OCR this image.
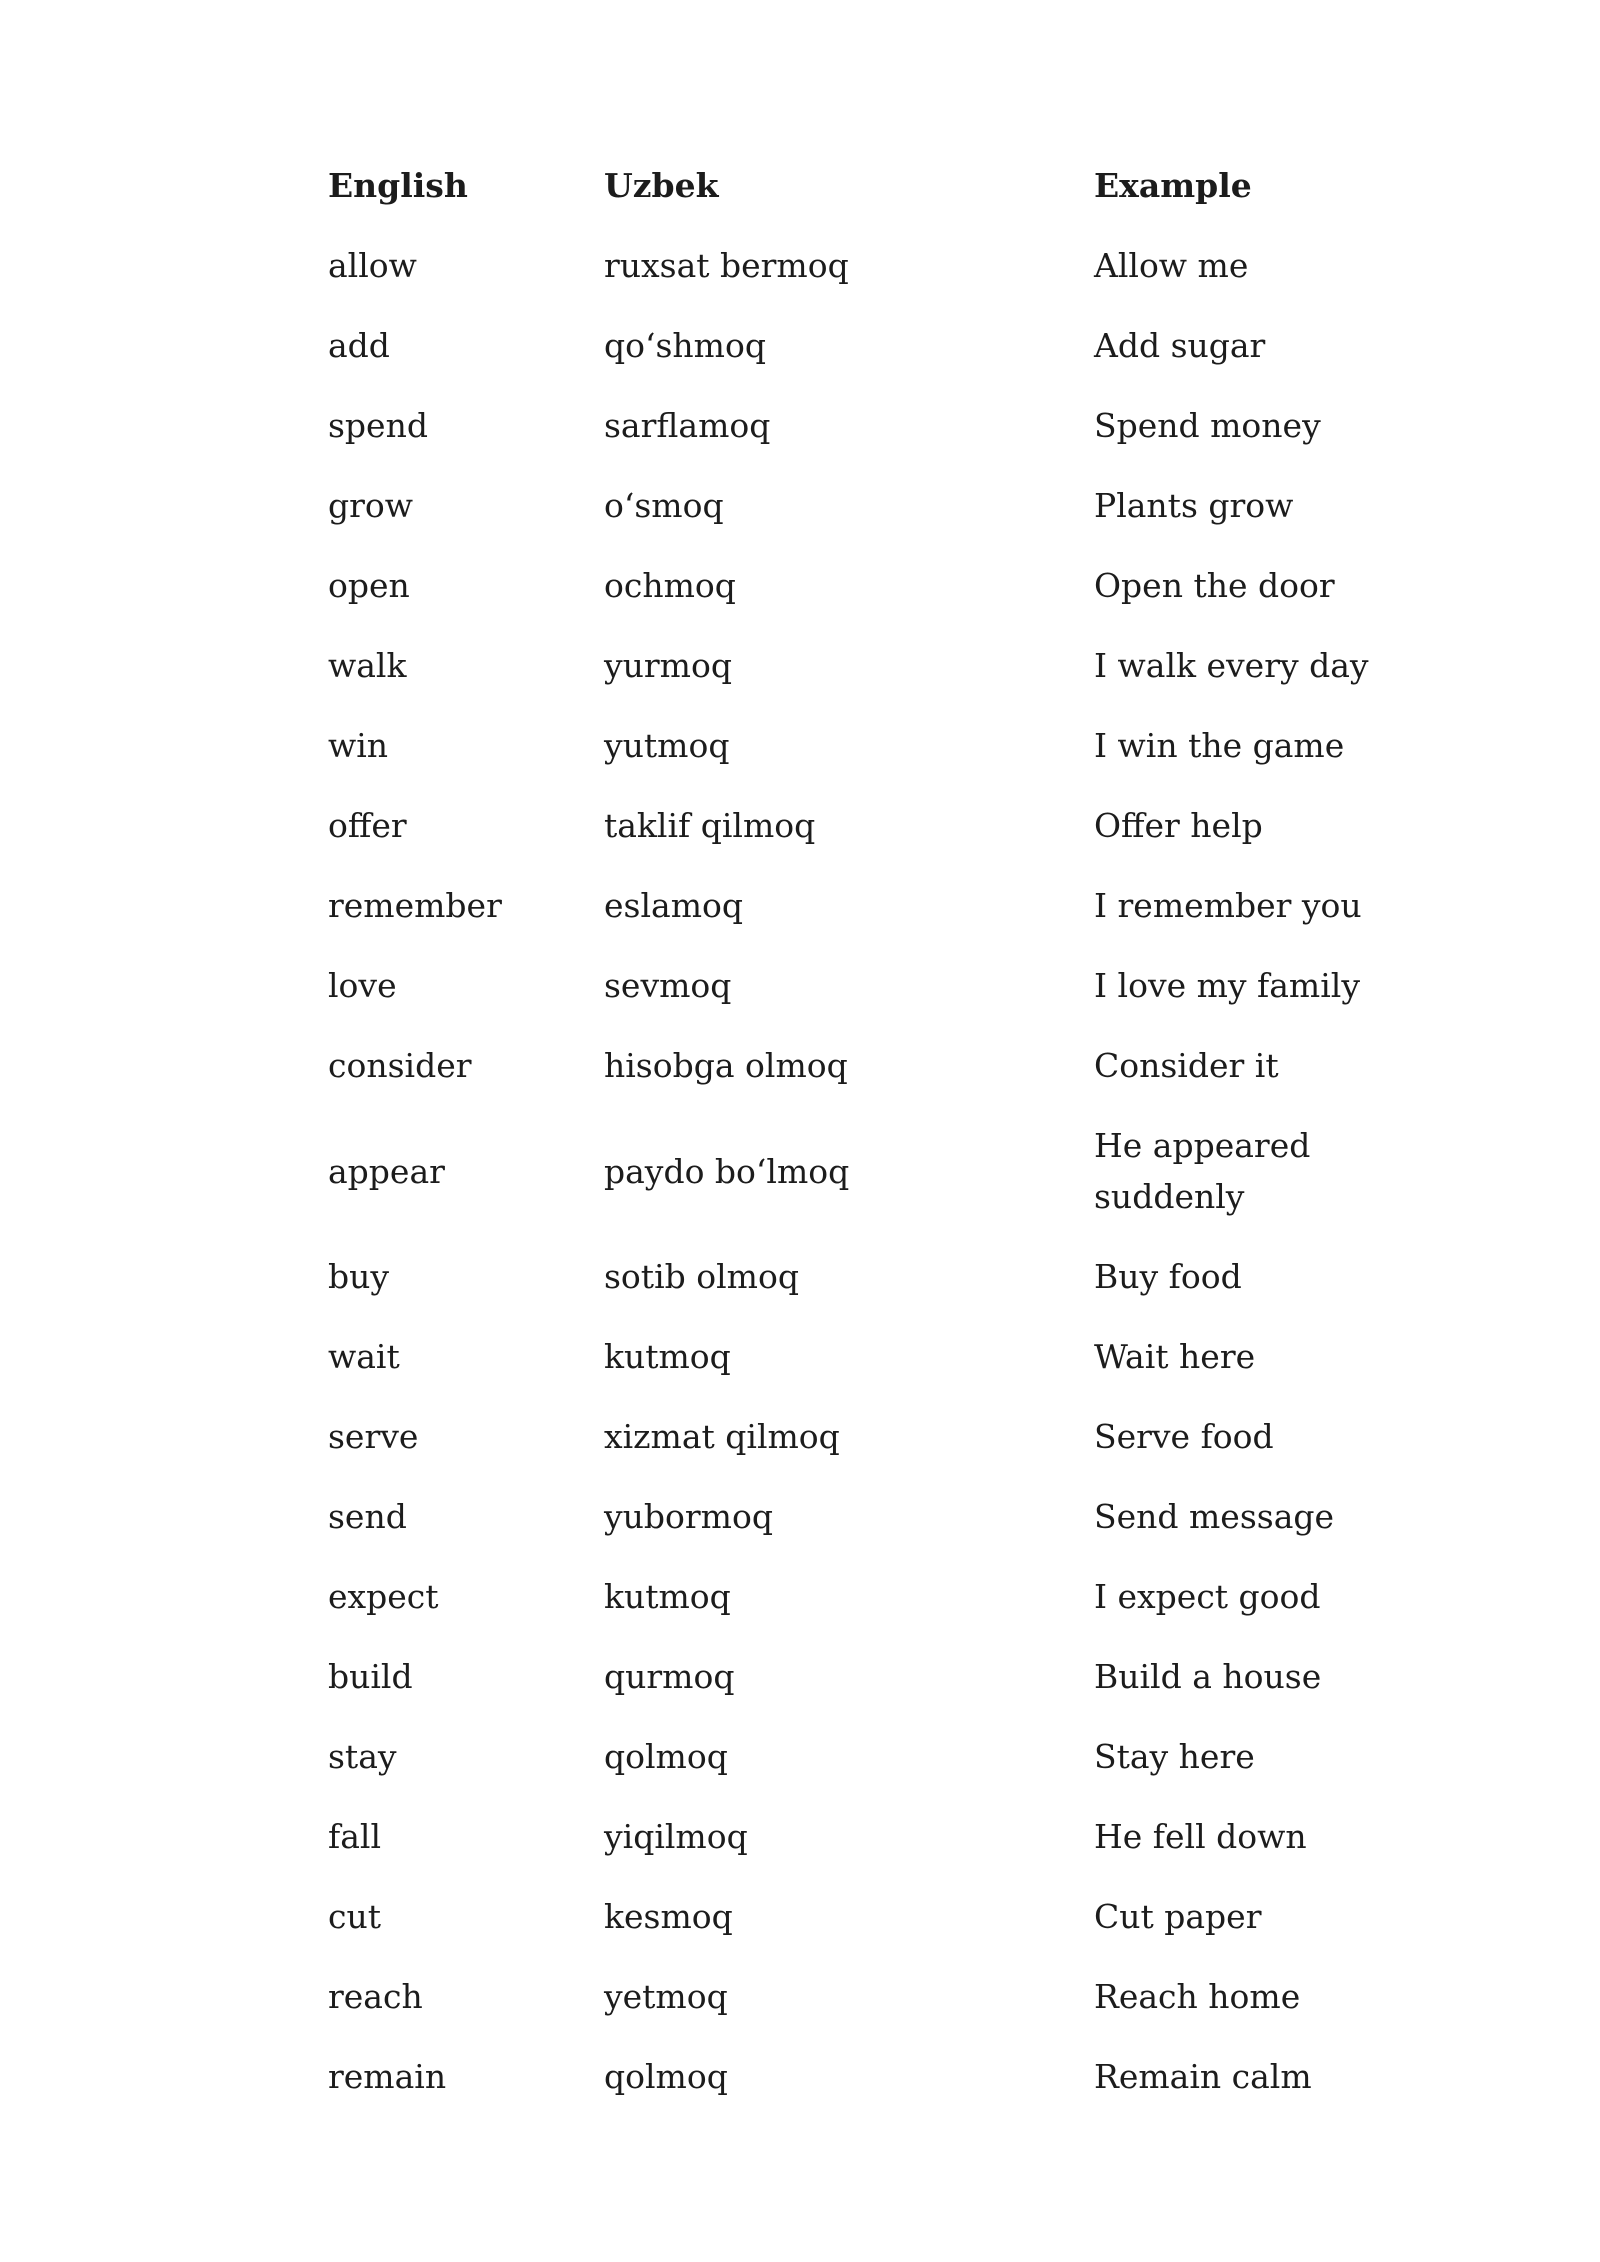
English	Uzbek	Example
allow	ruxsat bermoq	Allow me
add	qo‘shmoq	Add sugar
spend	sarflamoq	Spend money
grow	o‘smoq	Plants grow
open	ochmoq	Open the door
walk	yurmoq	I walk every day
win	yutmoq	I win the game
offer	taklif qilmoq	Offer help
remember	eslamoq	I remember you
love	sevmoq	I love my family
consider	hisobga olmoq	Consider it
appear	paydo bo‘lmoq	He appeared suddenly
buy	sotib olmoq	Buy food
wait	kutmoq	Wait here
serve	xizmat qilmoq	Serve food
send	yubormoq	Send message
expect	kutmoq	I expect good
build	qurmoq	Build a house
stay	qolmoq	Stay here
fall	yiqilmoq	He fell down
cut	kesmoq	Cut paper
reach	yetmoq	Reach home
remain	qolmoq	Remain calm
